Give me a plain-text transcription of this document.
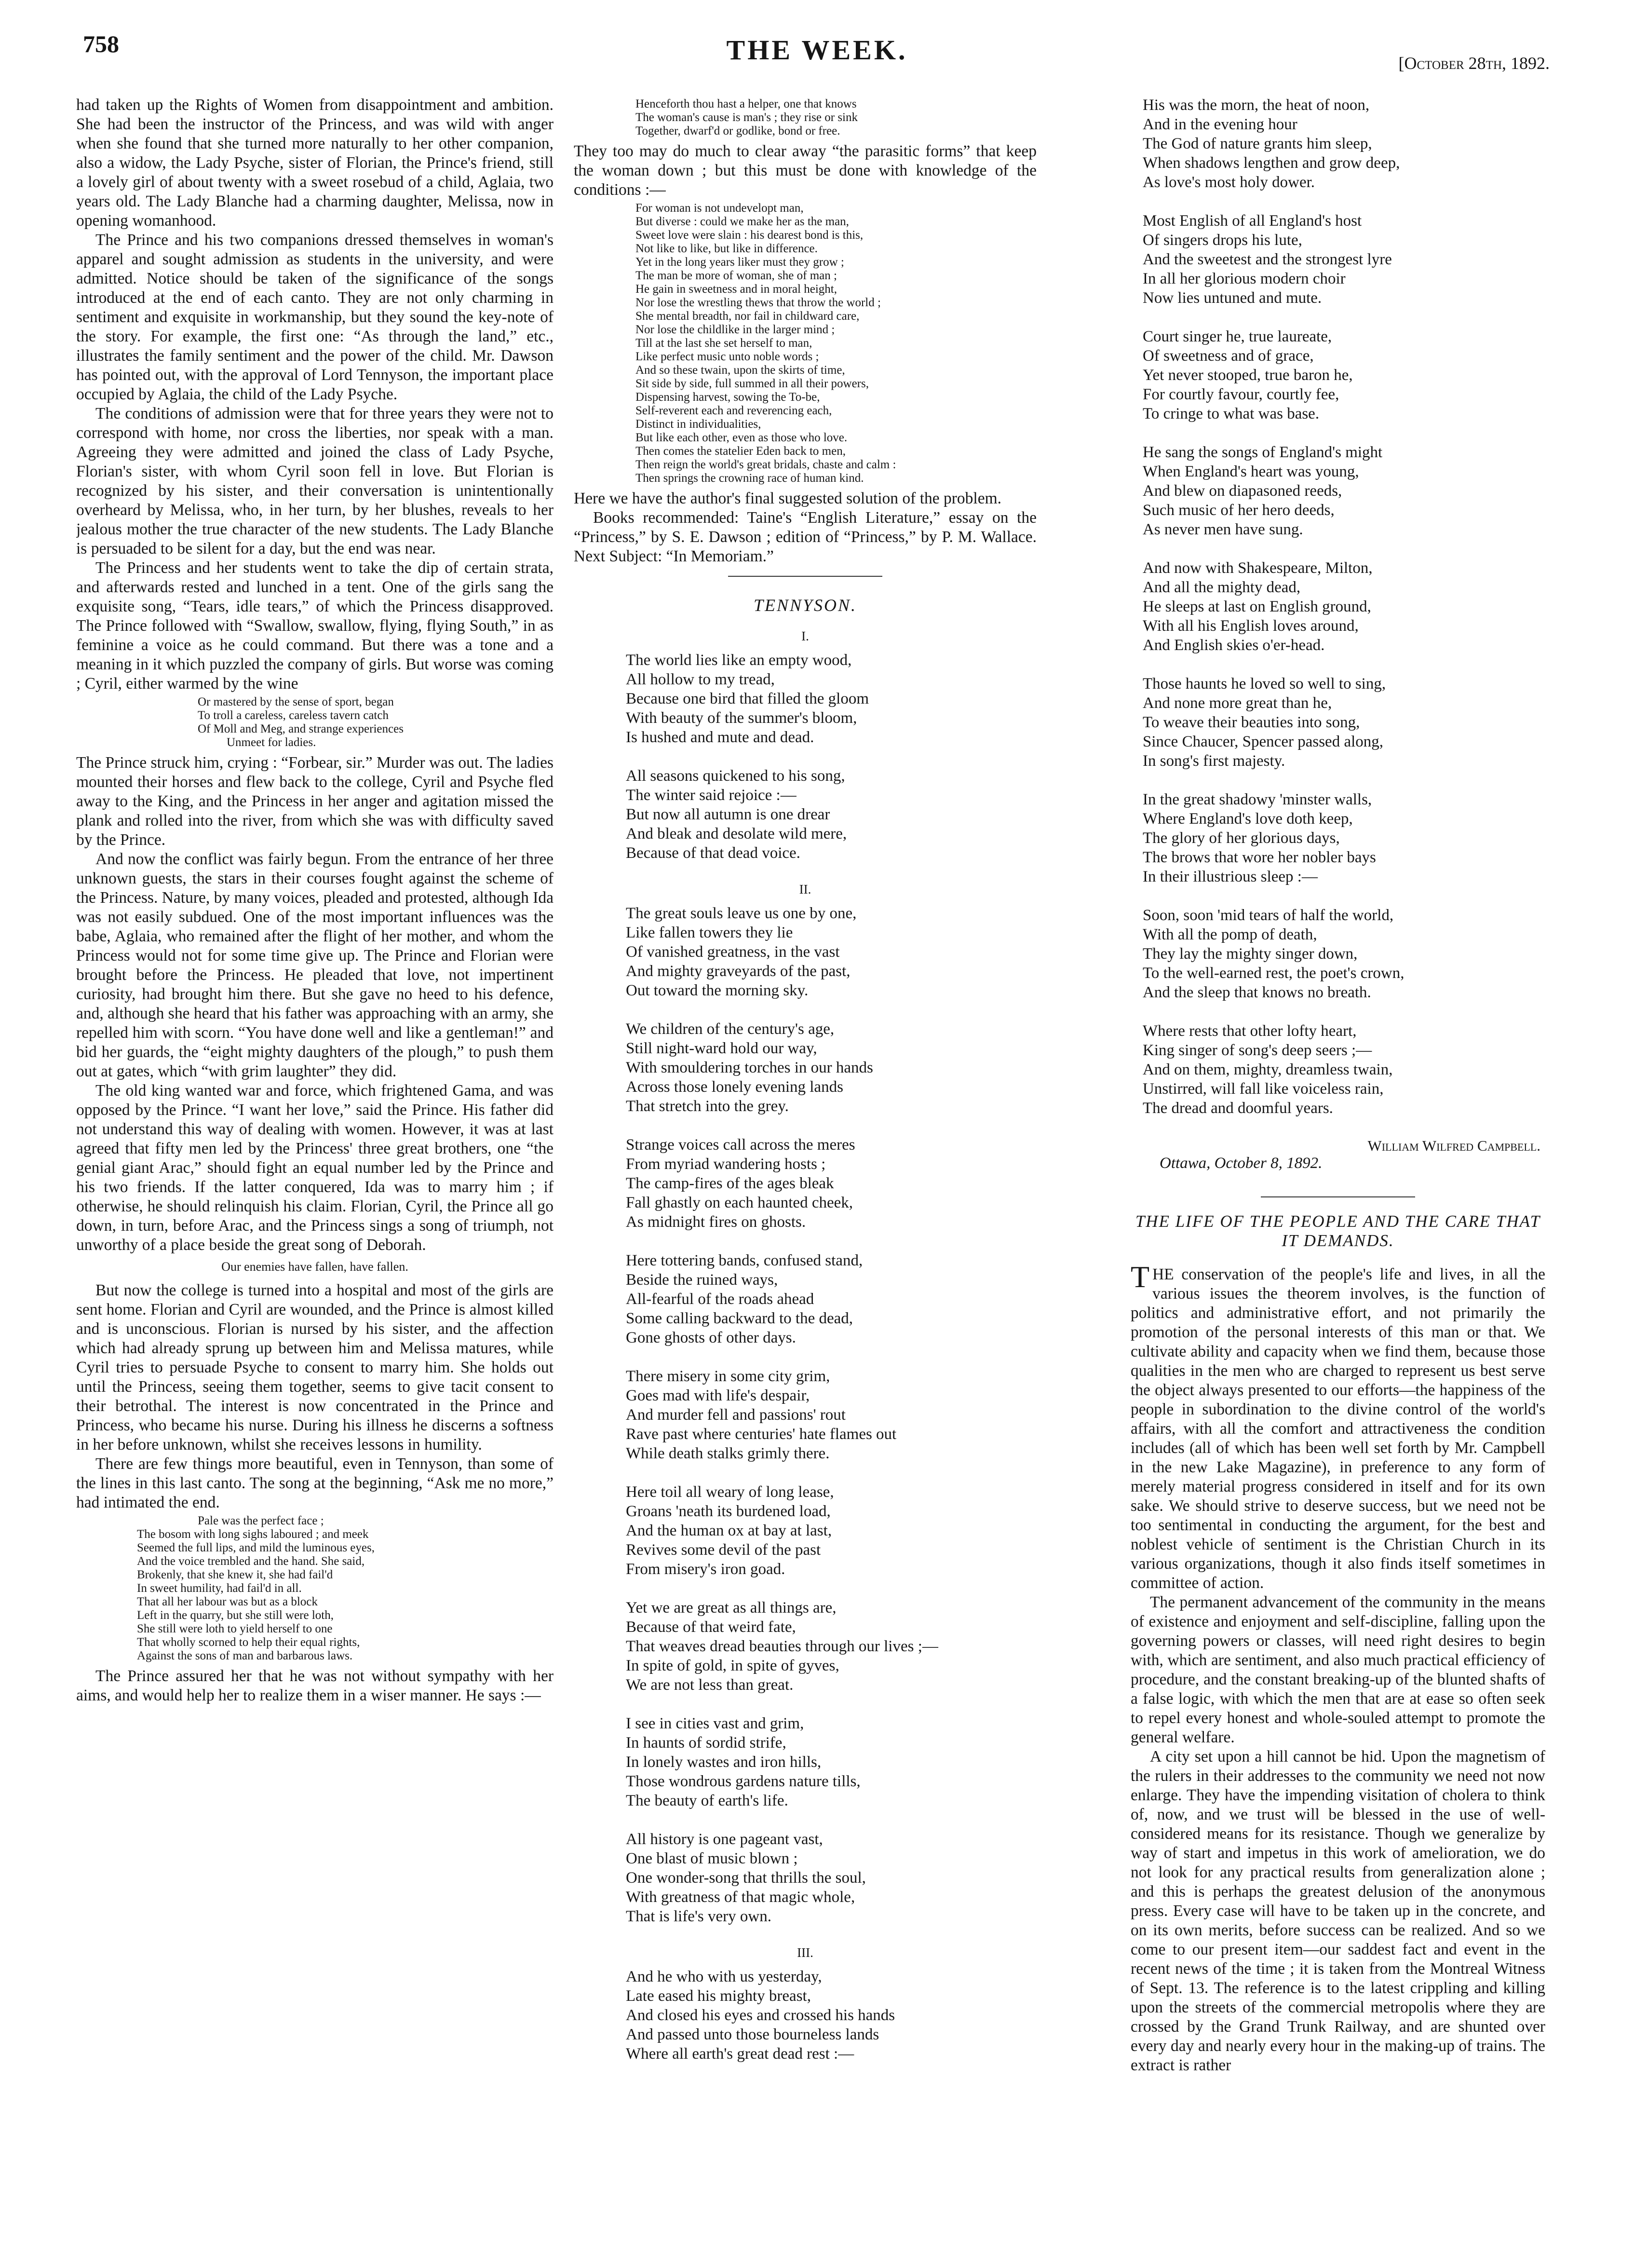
758	THE WEEK.	[October 28th, 1892.

had taken up the Rights of Women from disappointment and ambition. She had been the instructor of the Princess, and was wild with anger when she found that she turned more naturally to her other companion, also a widow, the Lady Psyche, sister of Florian, the Prince's friend, still a lovely girl of about twenty with a sweet rosebud of a child, Aglaia, two years old. The Lady Blanche had a charming daughter, Melissa, now in opening womanhood.

The Prince and his two companions dressed themselves in woman's apparel and sought admission as students in the university, and were admitted. Notice should be taken of the significance of the songs introduced at the end of each canto. They are not only charming in sentiment and exquisite in workmanship, but they sound the key-note of the story. For example, the first one: “As through the land,” etc., illustrates the family sentiment and the power of the child. Mr. Dawson has pointed out, with the approval of Lord Tennyson, the important place occupied by Aglaia, the child of the Lady Psyche.

The conditions of admission were that for three years they were not to correspond with home, nor cross the liberties, nor speak with a man. Agreeing they were admitted and joined the class of Lady Psyche, Florian's sister, with whom Cyril soon fell in love. But Florian is recognized by his sister, and their conversation is unintentionally overheard by Melissa, who, in her turn, by her blushes, reveals to her jealous mother the true character of the new students. The Lady Blanche is persuaded to be silent for a day, but the end was near.

The Princess and her students went to take the dip of certain strata, and afterwards rested and lunched in a tent. One of the girls sang the exquisite song, “Tears, idle tears,” of which the Princess disapproved. The Prince followed with “Swallow, swallow, flying, flying South,” in as feminine a voice as he could command. But there was a tone and a meaning in it which puzzled the company of girls. But worse was coming ; Cyril, either warmed by the wine

Or mastered by the sense of sport, began
To troll a careless, careless tavern catch
Of Moll and Meg, and strange experiences
Unmeet for ladies.

The Prince struck him, crying : “Forbear, sir.” Murder was out. The ladies mounted their horses and flew back to the college, Cyril and Psyche fled away to the King, and the Princess in her anger and agitation missed the plank and rolled into the river, from which she was with difficulty saved by the Prince.

And now the conflict was fairly begun. From the entrance of her three unknown guests, the stars in their courses fought against the scheme of the Princess. Nature, by many voices, pleaded and protested, although Ida was not easily subdued. One of the most important influences was the babe, Aglaia, who remained after the flight of her mother, and whom the Princess would not for some time give up. The Prince and Florian were brought before the Princess. He pleaded that love, not impertinent curiosity, had brought him there. But she gave no heed to his defence, and, although she heard that his father was approaching with an army, she repelled him with scorn. “You have done well and like a gentleman!” and bid her guards, the “eight mighty daughters of the plough,” to push them out at gates, which “with grim laughter” they did.

The old king wanted war and force, which frightened Gama, and was opposed by the Prince. “I want her love,” said the Prince. His father did not understand this way of dealing with women. However, it was at last agreed that fifty men led by the Princess' three great brothers, one “the genial giant Arac,” should fight an equal number led by the Prince and his two friends. If the latter conquered, Ida was to marry him ; if otherwise, he should relinquish his claim. Florian, Cyril, the Prince all go down, in turn, before Arac, and the Princess sings a song of triumph, not unworthy of a place beside the great song of Deborah.

Our enemies have fallen, have fallen.

But now the college is turned into a hospital and most of the girls are sent home. Florian and Cyril are wounded, and the Prince is almost killed and is unconscious. Florian is nursed by his sister, and the affection which had already sprung up between him and Melissa matures, while Cyril tries to persuade Psyche to consent to marry him. She holds out until the Princess, seeing them together, seems to give tacit consent to their betrothal. The interest is now concentrated in the Prince and Princess, who became his nurse. During his illness he discerns a softness in her before unknown, whilst she receives lessons in humility.

There are few things more beautiful, even in Tennyson, than some of the lines in this last canto. The song at the beginning, “Ask me no more,” had intimated the end.

Pale was the perfect face ;
The bosom with long sighs laboured ; and meek
Seemed the full lips, and mild the luminous eyes,
And the voice trembled and the hand. She said,
Brokenly, that she knew it, she had fail'd
In sweet humility, had fail'd in all.
That all her labour was but as a block
Left in the quarry, but she still were loth,
She still were loth to yield herself to one
That wholly scorned to help their equal rights,
Against the sons of man and barbarous laws.

The Prince assured her that he was not without sympathy with her aims, and would help her to realize them in a wiser manner. He says :—

Henceforth thou hast a helper, one that knows
The woman's cause is man's ; they rise or sink
Together, dwarf'd or godlike, bond or free.

They too may do much to clear away “the parasitic forms” that keep the woman down ; but this must be done with knowledge of the conditions :—

For woman is not undevelopt man,
But diverse : could we make her as the man,
Sweet love were slain : his dearest bond is this,
Not like to like, but like in difference.
Yet in the long years liker must they grow ;
The man be more of woman, she of man ;
He gain in sweetness and in moral height,
Nor lose the wrestling thews that throw the world ;
She mental breadth, nor fail in childward care,
Nor lose the childlike in the larger mind ;
Till at the last she set herself to man,
Like perfect music unto noble words ;
And so these twain, upon the skirts of time,
Sit side by side, full summed in all their powers,
Dispensing harvest, sowing the To-be,
Self-reverent each and reverencing each,
Distinct in individualities,
But like each other, even as those who love.
Then comes the statelier Eden back to men,
Then reign the world's great bridals, chaste and calm :
Then springs the crowning race of human kind.

Here we have the author's final suggested solution of the problem.

Books recommended: Taine's “English Literature,” essay on the “Princess,” by S. E. Dawson ; edition of “Princess,” by P. M. Wallace. Next Subject: “In Memoriam.”

TENNYSON.
I.
The world lies like an empty wood,
All hollow to my tread,
Because one bird that filled the gloom
With beauty of the summer's bloom,
Is hushed and mute and dead.
All seasons quickened to his song,
The winter said rejoice :—
But now all autumn is one drear
And bleak and desolate wild mere,
Because of that dead voice.
II.
The great souls leave us one by one,
Like fallen towers they lie
Of vanished greatness, in the vast
And mighty graveyards of the past,
Out toward the morning sky.
We children of the century's age,
Still night-ward hold our way,
With smouldering torches in our hands
Across those lonely evening lands
That stretch into the grey.
Strange voices call across the meres
From myriad wandering hosts ;
The camp-fires of the ages bleak
Fall ghastly on each haunted cheek,
As midnight fires on ghosts.
Here tottering bands, confused stand,
Beside the ruined ways,
All-fearful of the roads ahead
Some calling backward to the dead,
Gone ghosts of other days.
There misery in some city grim,
Goes mad with life's despair,
And murder fell and passions' rout
Rave past where centuries' hate flames out
While death stalks grimly there.
Here toil all weary of long lease,
Groans 'neath its burdened load,
And the human ox at bay at last,
Revives some devil of the past
From misery's iron goad.
Yet we are great as all things are,
Because of that weird fate,
That weaves dread beauties through our lives ;—
In spite of gold, in spite of gyves,
We are not less than great.
I see in cities vast and grim,
In haunts of sordid strife,
In lonely wastes and iron hills,
Those wondrous gardens nature tills,
The beauty of earth's life.
All history is one pageant vast,
One blast of music blown ;
One wonder-song that thrills the soul,
With greatness of that magic whole,
That is life's very own.
III.
And he who with us yesterday,
Late eased his mighty breast,
And closed his eyes and crossed his hands
And passed unto those bourneless lands
Where all earth's great dead rest :—
His was the morn, the heat of noon,
And in the evening hour
The God of nature grants him sleep,
When shadows lengthen and grow deep,
As love's most holy dower.
Most English of all England's host
Of singers drops his lute,
And the sweetest and the strongest lyre
In all her glorious modern choir
Now lies untuned and mute.
Court singer he, true laureate,
Of sweetness and of grace,
Yet never stooped, true baron he,
For courtly favour, courtly fee,
To cringe to what was base.
He sang the songs of England's might
When England's heart was young,
And blew on diapasoned reeds,
Such music of her hero deeds,
As never men have sung.
And now with Shakespeare, Milton,
And all the mighty dead,
He sleeps at last on English ground,
With all his English loves around,
And English skies o'er-head.
Those haunts he loved so well to sing,
And none more great than he,
To weave their beauties into song,
Since Chaucer, Spencer passed along,
In song's first majesty.
In the great shadowy 'minster walls,
Where England's love doth keep,
The glory of her glorious days,
The brows that wore her nobler bays
In their illustrious sleep :—
Soon, soon 'mid tears of half the world,
With all the pomp of death,
They lay the mighty singer down,
To the well-earned rest, the poet's crown,
And the sleep that knows no breath.
Where rests that other lofty heart,
King singer of song's deep seers ;—
And on them, mighty, dreamless twain,
Unstirred, will fall like voiceless rain,
The dread and doomful years.
William Wilfred Campbell.
Ottawa, October 8, 1892.
THE LIFE OF THE PEOPLE AND THE CARE THAT IT DEMANDS.

THE conservation of the people's life and lives, in all the various issues the theorem involves, is the function of politics and administrative effort, and not primarily the promotion of the personal interests of this man or that. We cultivate ability and capacity when we find them, because those qualities in the men who are charged to represent us best serve the object always presented to our efforts—the happiness of the people in subordination to the divine control of the world's affairs, with all the comfort and attractiveness the condition includes (all of which has been well set forth by Mr. Campbell in the new Lake Magazine), in preference to any form of merely material progress considered in itself and for its own sake. We should strive to deserve success, but we need not be too sentimental in conducting the argument, for the best and noblest vehicle of sentiment is the Christian Church in its various organizations, though it also finds itself sometimes in committee of action.

The permanent advancement of the community in the means of existence and enjoyment and self-discipline, falling upon the governing powers or classes, will need right desires to begin with, which are sentiment, and also much practical efficiency of procedure, and the constant breaking-up of the blunted shafts of a false logic, with which the men that are at ease so often seek to repel every honest and whole-souled attempt to promote the general welfare.

A city set upon a hill cannot be hid. Upon the magnetism of the rulers in their addresses to the community we need not now enlarge. They have the impending visitation of cholera to think of, now, and we trust will be blessed in the use of well-considered means for its resistance. Though we generalize by way of start and impetus in this work of amelioration, we do not look for any practical results from generalization alone ; and this is perhaps the greatest delusion of the anonymous press. Every case will have to be taken up in the concrete, and on its own merits, before success can be realized. And so we come to our present item—our saddest fact and event in the recent news of the time ; it is taken from the Montreal Witness of Sept. 13. The reference is to the latest crippling and killing upon the streets of the commercial metropolis where they are crossed by the Grand Trunk Railway, and are shunted over every day and nearly every hour in the making-up of trains. The extract is rather
